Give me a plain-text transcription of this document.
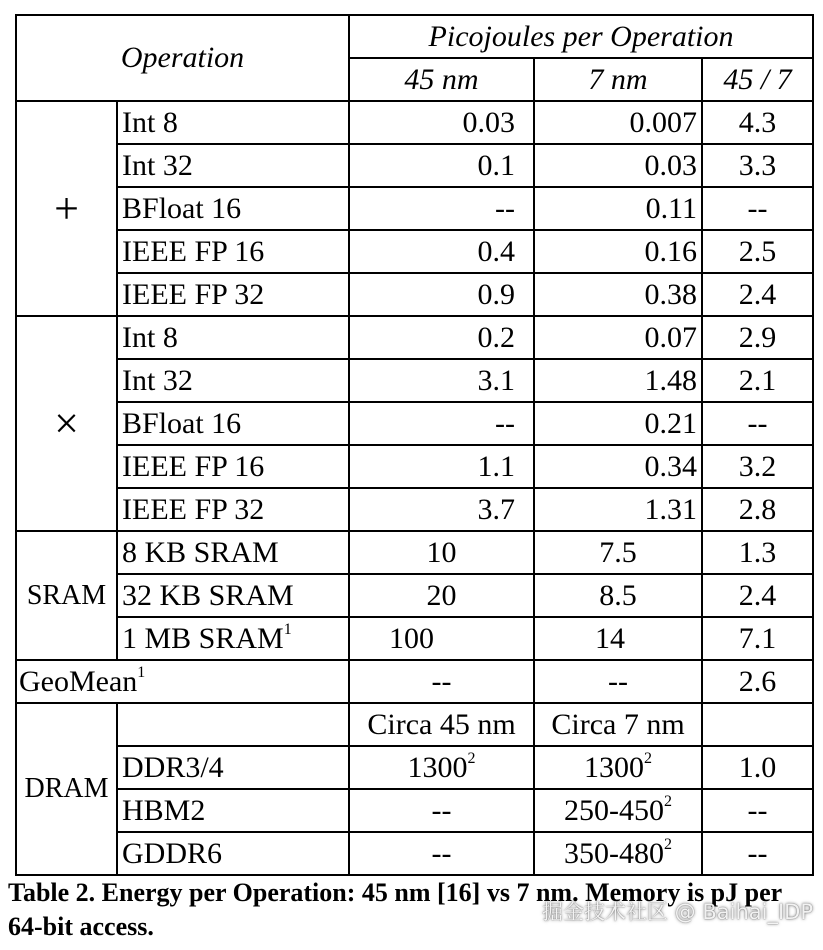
Operation		Picojoules per Operation		
		45 nm	7 nm	45 / 7
+	Int 8	0.03	0.007	4.3
	Int 32	0.1	0.03	3.3
	BFloat 16	--	0.11	--
	IEEE FP 16	0.4	0.16	2.5
	IEEE FP 32	0.9	0.38	2.4
×	Int 8	0.2	0.07	2.9
	Int 32	3.1	1.48	2.1
	BFloat 16	--	0.21	--
	IEEE FP 16	1.1	0.34	3.2
	IEEE FP 32	3.7	1.31	2.8
SRAM	8 KB SRAM	10	7.5	1.3
	32 KB SRAM	20	8.5	2.4
	1 MB SRAM$^1$	100	14	7.1
GeoMean$^1$		--	--	2.6
DRAM		Circa 45 nm	Circa 7 nm	
	DDR3/4	1300$^2$	1300$^2$	1.0
	HBM2	--	$250-450^2$	--
	GDDR6	--	$350-480^2$	--
Table 2. Energy per Operation: 45 nm [16] vs 7 nm. Memory is pJ per 64-bit access.	掘金技术社区 @ Baihai_IDP
